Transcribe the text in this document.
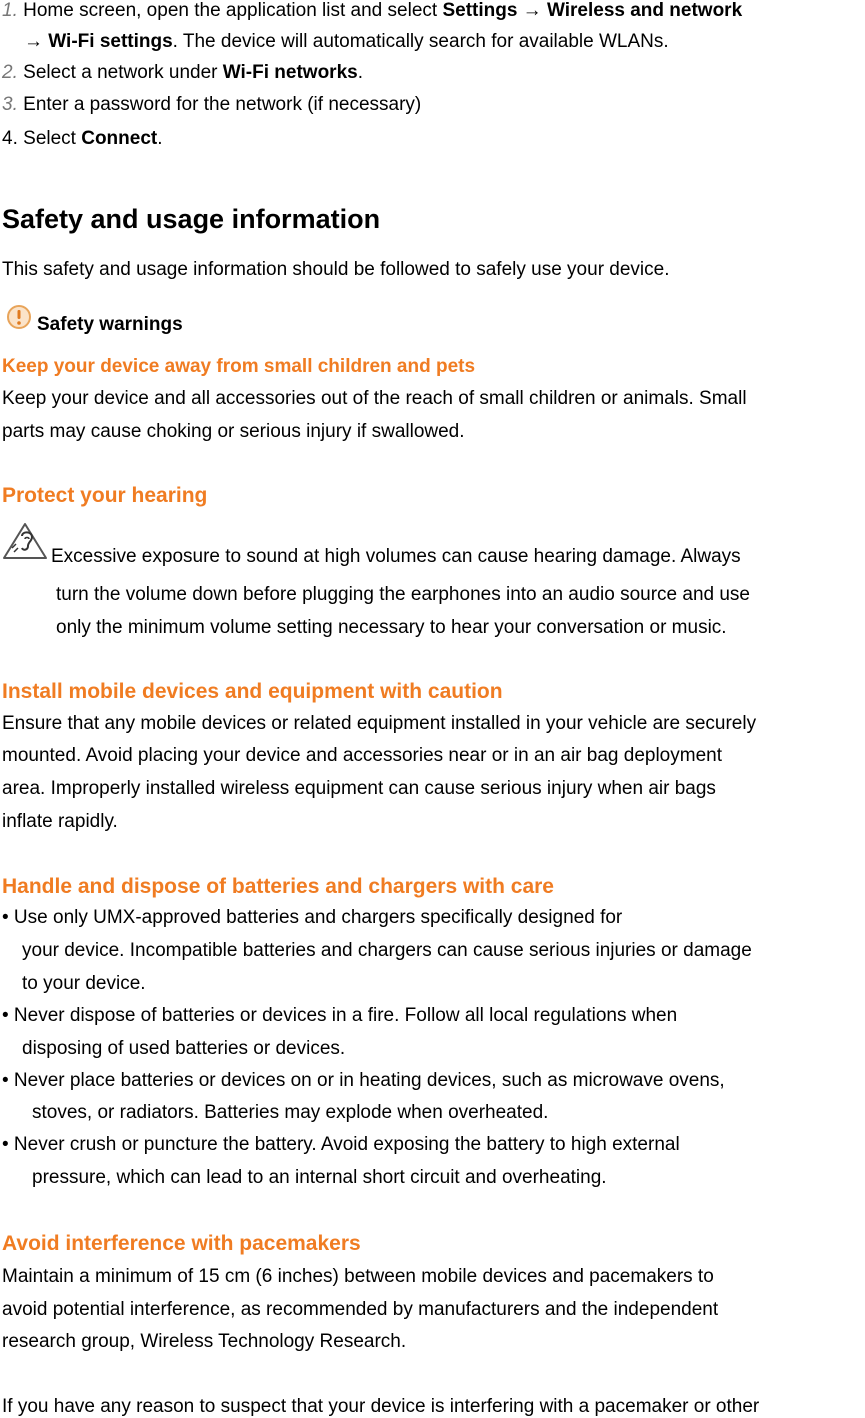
1. Home screen, open the application list and select Settings → Wireless and network
→ Wi-Fi settings. The device will automatically search for available WLANs.
2. Select a network under Wi-Fi networks.
3. Enter a password for the network (if necessary)
4. Select Connect.
Safety and usage information
This safety and usage information should be followed to safely use your device.
Safety warnings
Keep your device away from small children and pets
Keep your device and all accessories out of the reach of small children or animals. Small
parts may cause choking or serious injury if swallowed.
Protect your hearing
Excessive exposure to sound at high volumes can cause hearing damage. Always
turn the volume down before plugging the earphones into an audio source and use
only the minimum volume setting necessary to hear your conversation or music.
Install mobile devices and equipment with caution
Ensure that any mobile devices or related equipment installed in your vehicle are securely
mounted. Avoid placing your device and accessories near or in an air bag deployment
area. Improperly installed wireless equipment can cause serious injury when air bags
inflate rapidly.
Handle and dispose of batteries and chargers with care
• Use only UMX-approved batteries and chargers specifically designed for
your device. Incompatible batteries and chargers can cause serious injuries or damage
to your device.
• Never dispose of batteries or devices in a fire. Follow all local regulations when
disposing of used batteries or devices.
• Never place batteries or devices on or in heating devices, such as microwave ovens,
stoves, or radiators. Batteries may explode when overheated.
• Never crush or puncture the battery. Avoid exposing the battery to high external
pressure, which can lead to an internal short circuit and overheating.
Avoid interference with pacemakers
Maintain a minimum of 15 cm (6 inches) between mobile devices and pacemakers to
avoid potential interference, as recommended by manufacturers and the independent
research group, Wireless Technology Research.
If you have any reason to suspect that your device is interfering with a pacemaker or other
